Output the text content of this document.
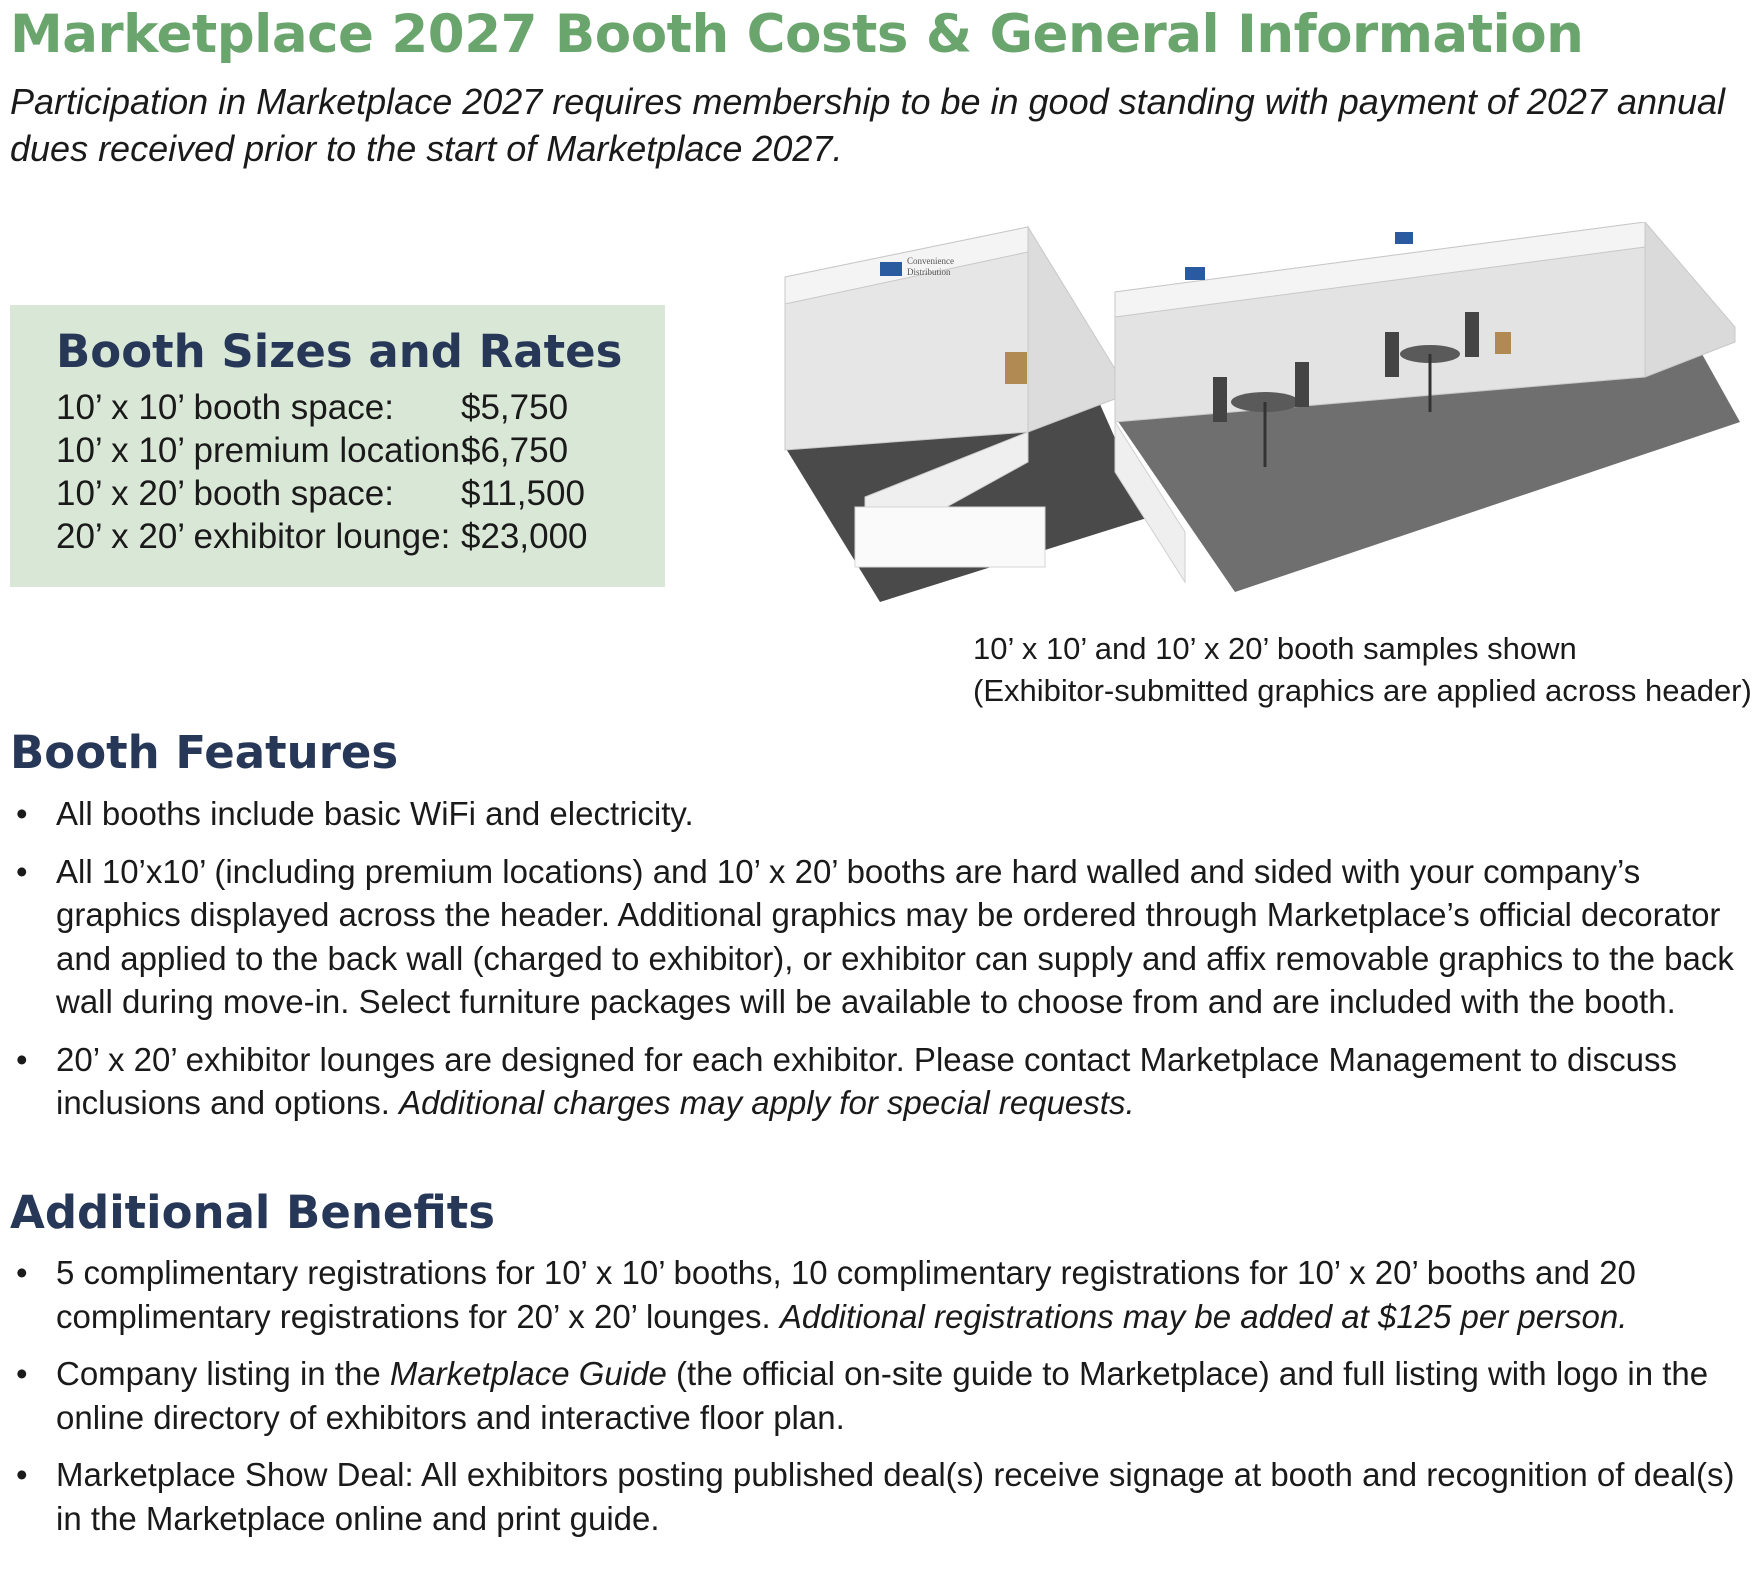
Marketplace 2027 Booth Costs & General Information

Participation in Marketplace 2027 requires membership to be in good standing with payment of 2027 annual dues received prior to the start of Marketplace 2027.

Booth Sizes and Rates
10’ x 10’ booth space:	$5,750
10’ x 10’ premium location:
$6,750
10’ x 20’ booth space:	$11,500
20’ x 20’ exhibitor lounge: $23,000
Convenience
Distribution

10’ x 10’ and 10’ x 20’ booth samples shown
(Exhibitor-submitted graphics are applied across header)

Booth Features
• All booths include basic WiFi and electricity.
• All 10’x10’ (including premium locations) and 10’ x 20’ booths are hard walled and sided with your company’s graphics displayed across the header. Additional graphics may be ordered through Marketplace’s official decorator and applied to the back wall (charged to exhibitor), or exhibitor can supply and affix removable graphics to the back wall during move-in. Select furniture packages will be available to choose from and are included with the booth.
• 20’ x 20’ exhibitor lounges are designed for each exhibitor. Please contact Marketplace Management to discuss inclusions and options. Additional charges may apply for special requests.
Additional Benefits
• 5 complimentary registrations for 10’ x 10’ booths, 10 complimentary registrations for 10’ x 20’ booths and 20 complimentary registrations for 20’ x 20’ lounges. Additional registrations may be added at $125 per person.
• Company listing in the Marketplace Guide (the official on-site guide to Marketplace) and full listing with logo in the online directory of exhibitors and interactive floor plan.
• Marketplace Show Deal: All exhibitors posting published deal(s) receive signage at booth and recognition of deal(s) in the Marketplace online and print guide.
